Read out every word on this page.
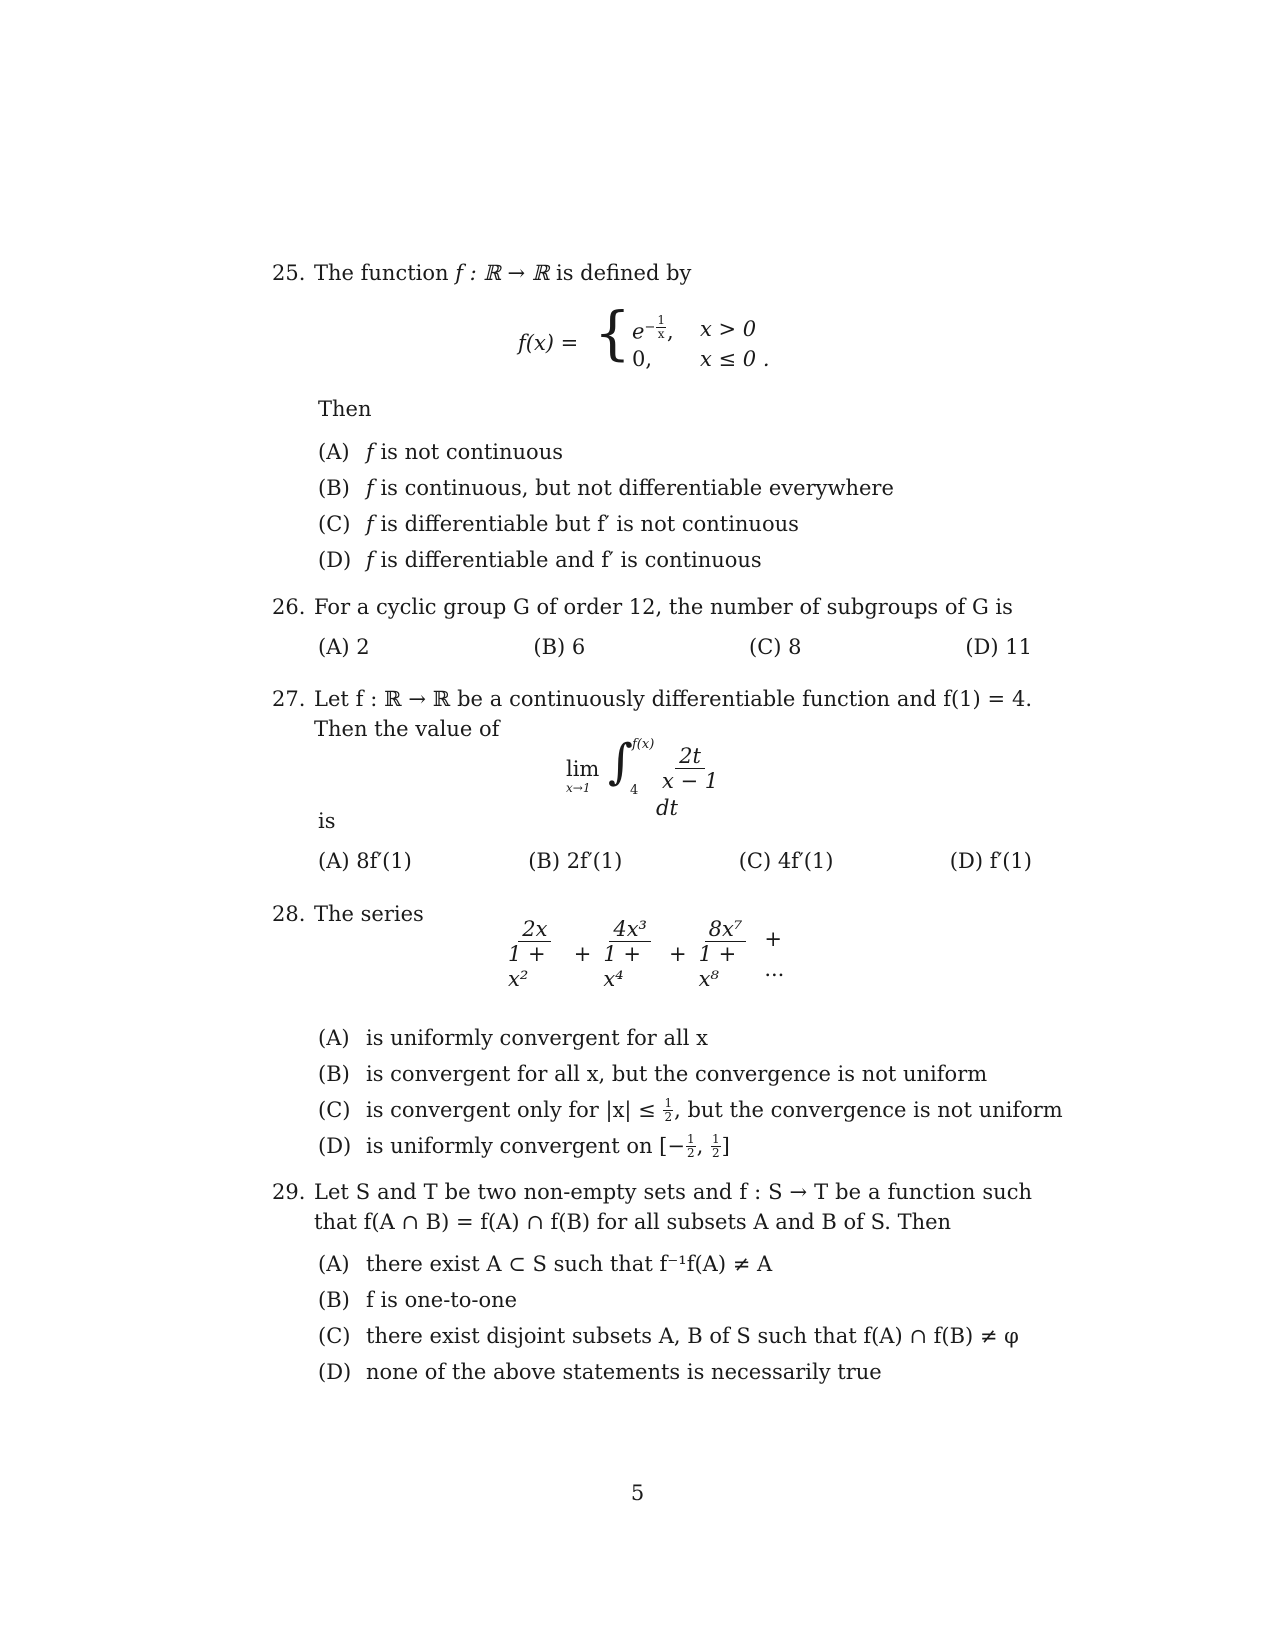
25. The function f : ℝ → ℝ is defined by
f(x) = { $e^{- \frac{1}{x}}$ , x > 0
0, x ≤ 0 .
Then
(A) f
is not continuous
(B) f
is continuous, but not differentiable everywhere
(C) f
is differentiable but f′ is not continuous
(D) f
is differentiable and f′ is continuous
26. For a cyclic group G of order 12, the number of subgroups of G is
(A) 2	(B) 6	(C) 8	(D) 11
27. Let f : ℝ → ℝ be a continuously differentiable function and f(1) = 4.
Then the value of
lim
x→1 ∫
f(x)
$4 \frac{2t}{x - 1}$
dt
is
(A) 8f′(1)	(B) 2f′(1)	(C) 4f′(1)	(D) f′(1)
28. The series
$\frac{2x}{\text{1 + x²}} + \frac{\text{4x³}}{\text{1 + x⁴}} + \frac{\text{8x⁷}}{\text{1 + x⁸}}$ + ...
(A) is uniformly convergent for all x
(B) is convergent for all x, but the convergence is not uniform
(C) is convergent only for |x| ≤
$\frac{1}{2}$ , but the convergence is not uniform
(D) is uniformly convergent on [− $\frac{1}{2}$ ,
$\frac{1}{2}$ ]
29. Let S and T be two non-empty sets and f : S → T be a function such
that f(A ∩ B) = f(A) ∩ f(B) for all subsets A and B of S. Then
(A) there exist A ⊂ S such that f⁻¹f(A) ≠ A
(B) f is one-to-one
(C) there exist disjoint subsets A, B of S such that f(A) ∩ f(B) ≠ φ
(D) none of the above statements is necessarily true
5
